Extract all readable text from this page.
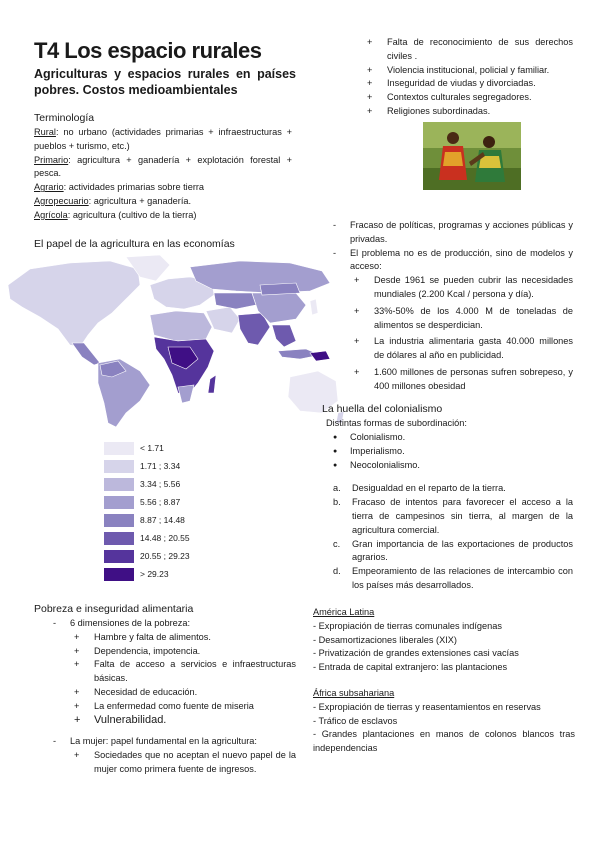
T4 Los espacio rurales
Agriculturas y espacios rurales en países pobres. Costos medioambientales
Terminología
Rural: no urbano (actividades primarias + infraestructuras + pueblos + turismo, etc.)
Primario: agricultura + ganadería + explotación forestal + pesca.
Agrario: actividades primarias sobre tierra
Agropecuario: agricultura + ganadería.
Agrícola: agricultura (cultivo de la tierra)
El papel de la agricultura en las economías
< 1.71
1.71 ; 3.34
3.34 ; 5.56
5.56 ; 8.87
8.87 ; 14.48
14.48 ; 20.55
20.55 ; 29.23
> 29.23
Pobreza e inseguridad alimentaria
- 6 dimensiones de la pobreza:
+ Hambre y falta de alimentos.
+ Dependencia, impotencia.
+ Falta de acceso a servicios e infraestructuras básicas.
+ Necesidad de educación.
+ La enfermedad como fuente de miseria
+ Vulnerabilidad.
- La mujer: papel fundamental en la agricultura:
+ Sociedades que no aceptan el nuevo papel de la mujer como primera fuente de ingresos.
+ Falta de reconocimiento de sus derechos civiles .
+ Violencia institucional, policial y familiar.
+ Inseguridad de viudas y divorciadas.
+ Contextos culturales segregadores.
+ Religiones subordinadas.
- Fracaso de políticas, programas y acciones públicas y privadas.
- El problema no es de producción, sino de modelos y acceso:
+ Desde 1961 se pueden cubrir las necesidades mundiales (2.200 Kcal / persona y día).
+ 33%-50% de los 4.000 M de toneladas de alimentos se desperdician.
+ La industria alimentaria gasta 40.000 millones de dólares al año en publicidad.
+ 1.600 millones de personas sufren sobrepeso, y 400 millones obesidad
La huella del colonialismo
Distintas formas de subordinación:
● Colonialismo.
● Imperialismo.
● Neocolonialismo.
a. Desigualdad en el reparto de la tierra.
b. Fracaso de intentos para favorecer el acceso a la tierra de campesinos sin tierra, al margen de la agricultura comercial.
c. Gran importancia de las exportaciones de productos agrarios.
d. Empeoramiento de las relaciones de intercambio con los países más desarrollados.
América Latina
- Expropiación de tierras comunales indígenas
- Desamortizaciones liberales (XIX)
- Privatización de grandes extensiones casi vacías
- Entrada de capital extranjero: las plantaciones
África subsahariana
- Expropiación de tierras y reasentamientos en reservas
- Tráfico de esclavos
- Grandes plantaciones en manos de colonos blancos tras independencias
